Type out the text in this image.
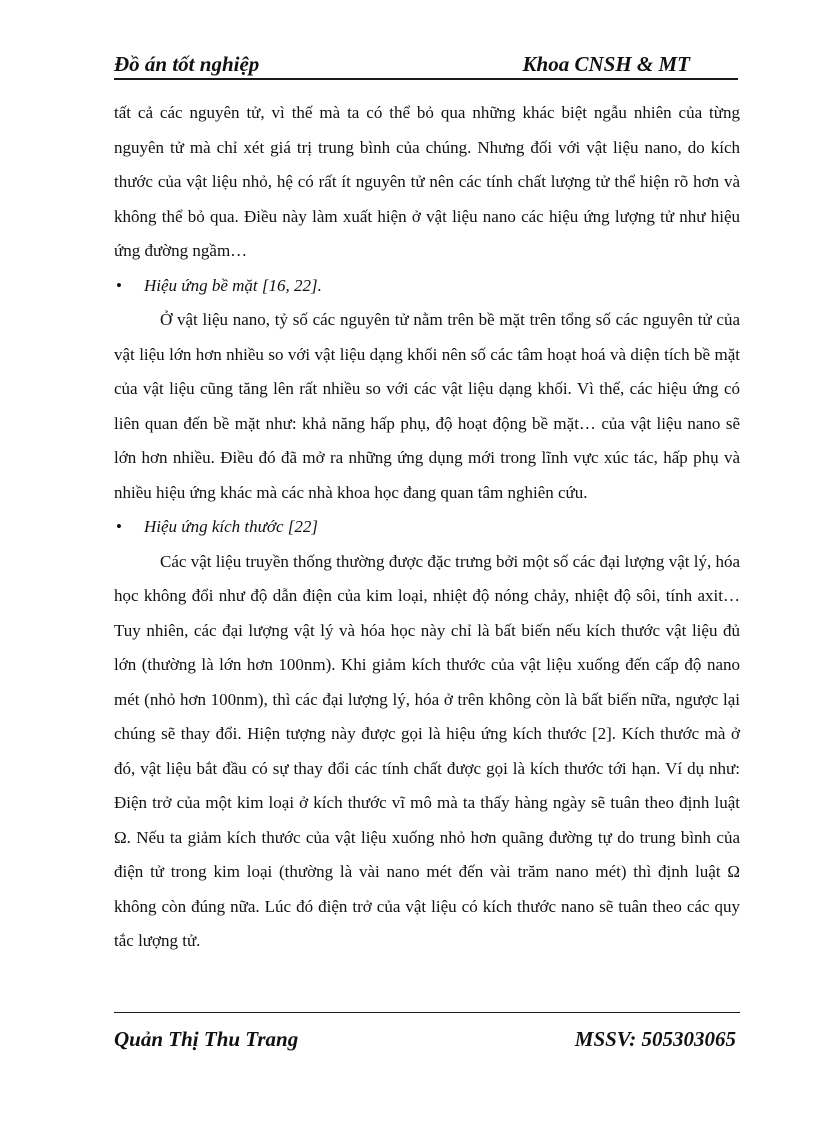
Đồ án tốt nghiệp	Khoa CNSH & MT

tất cả các nguyên tử, vì thế mà ta có thể bỏ qua những khác biệt ngẫu nhiên của từng nguyên tử mà chỉ xét giá trị trung bình của chúng. Nhưng đối với vật liệu nano, do kích thước của vật liệu nhỏ, hệ có rất ít nguyên tử nên các tính chất lượng tử thể hiện rõ hơn và không thể bỏ qua. Điều này làm xuất hiện ở vật liệu nano các hiệu ứng lượng tử như hiệu ứng đường ngầm…

•	Hiệu ứng bề mặt [16, 22].

Ở vật liệu nano, tỷ số các nguyên tử nằm trên bề mặt trên tổng số các nguyên tử của vật liệu lớn hơn nhiều so với vật liệu dạng khối nên số các tâm hoạt hoá và diện tích bề mặt của vật liệu cũng tăng lên rất nhiều so với các vật liệu dạng khối. Vì thế, các hiệu ứng có liên quan đến bề mặt như: khả năng hấp phụ, độ hoạt động bề mặt… của vật liệu nano sẽ lớn hơn nhiều. Điều đó đã mở ra những ứng dụng mới trong lĩnh vực xúc tác, hấp phụ và nhiều hiệu ứng khác mà các nhà khoa học đang quan tâm nghiên cứu.

•	Hiệu ứng kích thước [22]

Các vật liệu truyền thống thường được đặc trưng bởi một số các đại lượng vật lý, hóa học không đổi như độ dẫn điện của kim loại, nhiệt độ nóng chảy, nhiệt độ sôi, tính axit…Tuy nhiên, các đại lượng vật lý và hóa học này chỉ là bất biến nếu kích thước vật liệu đủ lớn (thường là lớn hơn 100nm). Khi giảm kích thước của vật liệu xuống đến cấp độ nano mét (nhỏ hơn 100nm), thì các đại lượng lý, hóa ở trên không còn là bất biến nữa, ngược lại chúng sẽ thay đổi. Hiện tượng này được gọi là hiệu ứng kích thước [2]. Kích thước mà ở đó, vật liệu bắt đầu có sự thay đổi các tính chất được gọi là kích thước tới hạn. Ví dụ như: Điện trở của một kim loại ở kích thước vĩ mô mà ta thấy hàng ngày sẽ tuân theo định luật Ω. Nếu ta giảm kích thước của vật liệu xuống nhỏ hơn quãng đường tự do trung bình của điện tử trong kim loại (thường là vài nano mét đến vài trăm nano mét) thì định luật Ω không còn đúng nữa. Lúc đó điện trở của vật liệu có kích thước nano sẽ tuân theo các quy tắc lượng tử.

Quản Thị Thu Trang	MSSV: 505303065
